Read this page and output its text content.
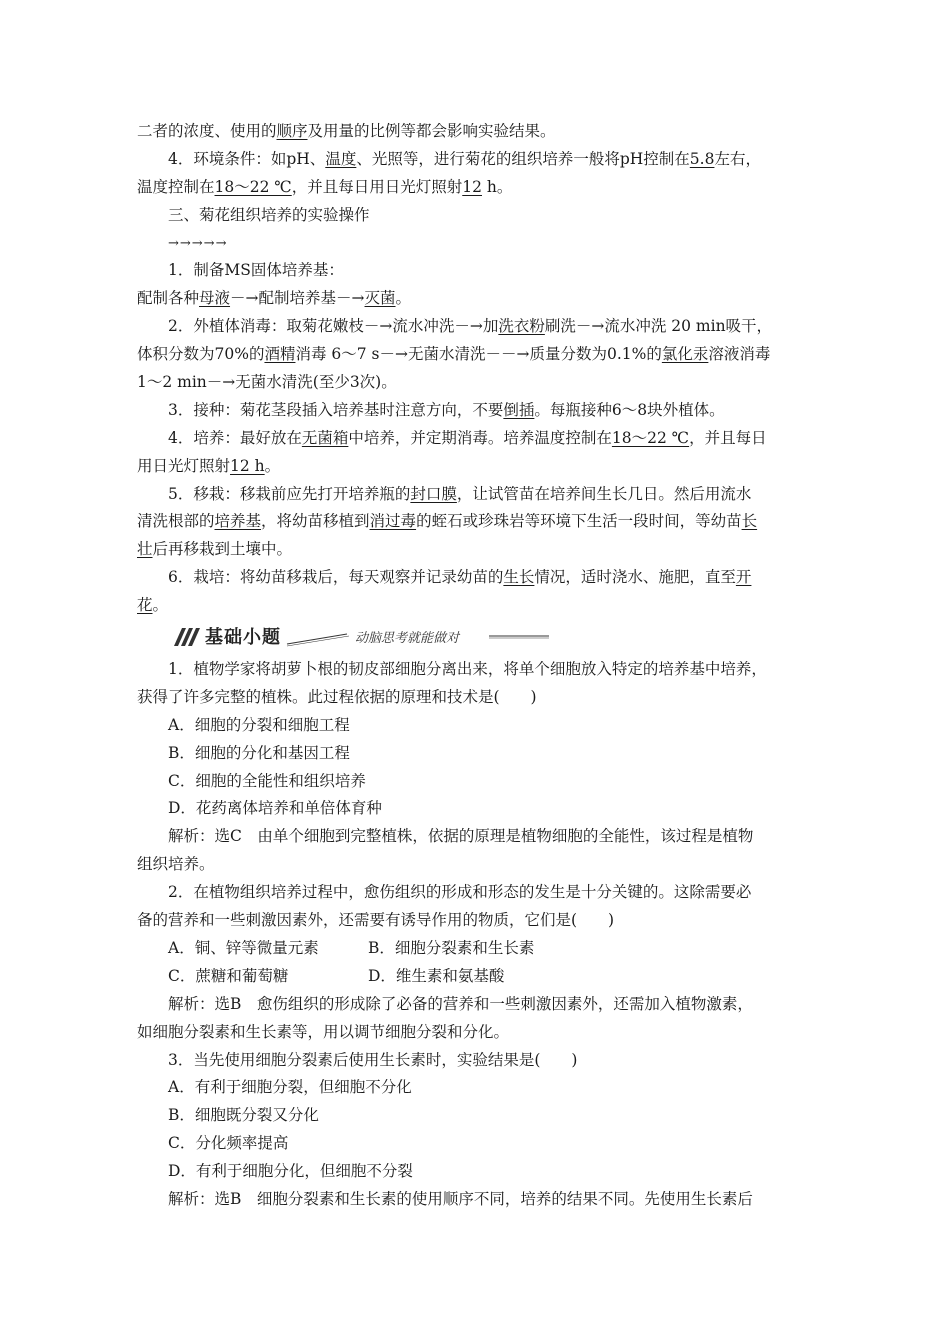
二者的浓度、使用的顺序及用量的比例等都会影响实验结果。
4．环境条件：如pH、温度、光照等，进行菊花的组织培养一般将pH控制在5.8左右，
温度控制在18～22 ℃，并且每日用日光灯照射12 h。
三、菊花组织培养的实验操作
→→→→→
1．制备MS固体培养基：
配制各种母液－→配制培养基－→灭菌。
2．外植体消毒：取菊花嫩枝－→流水冲洗－→加洗衣粉刷洗－→流水冲洗 20 min吸干，
体积分数为70%的酒精消毒 6～7 s－→无菌水清洗－－→质量分数为0.1%的氯化汞溶液消毒
1～2 min－→无菌水清洗(至少3次)。
3．接种：菊花茎段插入培养基时注意方向，不要倒插。每瓶接种6～8块外植体。
4．培养：最好放在无菌箱中培养，并定期消毒。培养温度控制在18～22 ℃，并且每日
用日光灯照射12 h。
5．移栽：移栽前应先打开培养瓶的封口膜，让试管苗在培养间生长几日。然后用流水
清洗根部的培养基，将幼苗移植到消过毒的蛭石或珍珠岩等环境下生活一段时间，等幼苗长
壮后再移栽到土壤中。
6．栽培：将幼苗移栽后，每天观察并记录幼苗的生长情况，适时浇水、施肥，直至开
花。
基础小题	动脑思考就能做对
1．植物学家将胡萝卜根的韧皮部细胞分离出来，将单个细胞放入特定的培养基中培养，
获得了许多完整的植株。此过程依据的原理和技术是(　　)
A．细胞的分裂和细胞工程
B．细胞的分化和基因工程
C．细胞的全能性和组织培养
D．花药离体培养和单倍体育种
解析：选C　由单个细胞到完整植株，依据的原理是植物细胞的全能性，该过程是植物
组织培养。
2．在植物组织培养过程中，愈伤组织的形成和形态的发生是十分关键的。这除需要必
备的营养和一些刺激因素外，还需要有诱导作用的物质，它们是(　　)
A．铜、锌等微量元素	B．细胞分裂素和生长素
C．蔗糖和葡萄糖	D．维生素和氨基酸
解析：选B　愈伤组织的形成除了必备的营养和一些刺激因素外，还需加入植物激素，
如细胞分裂素和生长素等，用以调节细胞分裂和分化。
3．当先使用细胞分裂素后使用生长素时，实验结果是(　　)
A．有利于细胞分裂，但细胞不分化
B．细胞既分裂又分化
C．分化频率提高
D．有利于细胞分化，但细胞不分裂
解析：选B　细胞分裂素和生长素的使用顺序不同，培养的结果不同。先使用生长素后
